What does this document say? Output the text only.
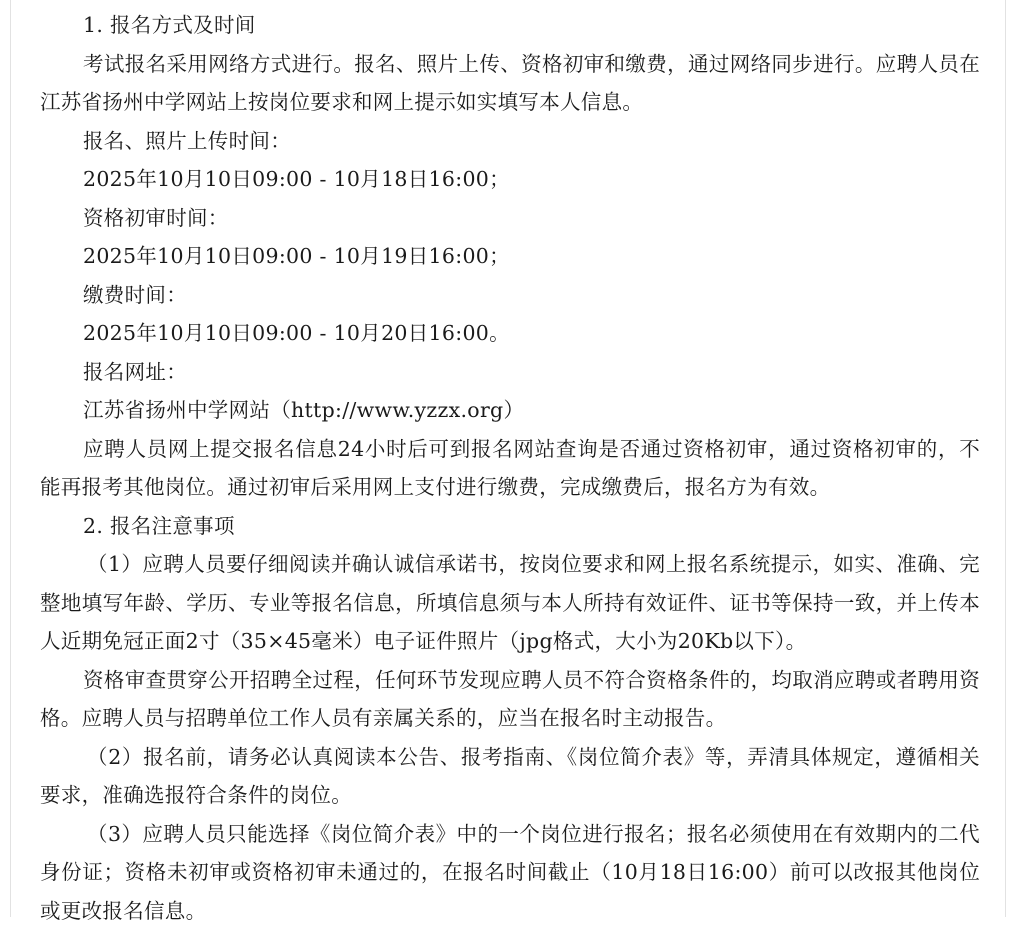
1. 报名方式及时间

考试报名采用网络方式进行。报名、照片上传、资格初审和缴费，通过网络同步进行。应聘人员在江苏省扬州中学网站上按岗位要求和网上提示如实填写本人信息。

报名、照片上传时间：

2025年10月10日09:00 - 10月18日16:00；

资格初审时间：

2025年10月10日09:00 - 10月19日16:00；

缴费时间：

2025年10月10日09:00 - 10月20日16:00。

报名网址：

江苏省扬州中学网站（http://www.yzzx.org）

应聘人员网上提交报名信息24小时后可到报名网站查询是否通过资格初审，通过资格初审的，不能再报考其他岗位。通过初审后采用网上支付进行缴费，完成缴费后，报名方为有效。

2. 报名注意事项

（1）应聘人员要仔细阅读并确认诚信承诺书，按岗位要求和网上报名系统提示，如实、准确、完整地填写年龄、学历、专业等报名信息，所填信息须与本人所持有效证件、证书等保持一致，并上传本人近期免冠正面2寸（35×45毫米）电子证件照片（jpg格式，大小为20Kb以下）。

资格审查贯穿公开招聘全过程，任何环节发现应聘人员不符合资格条件的，均取消应聘或者聘用资格。应聘人员与招聘单位工作人员有亲属关系的，应当在报名时主动报告。

（2）报名前，请务必认真阅读本公告、报考指南、《岗位简介表》等，弄清具体规定，遵循相关要求，准确选报符合条件的岗位。

（3）应聘人员只能选择《岗位简介表》中的一个岗位进行报名；报名必须使用在有效期内的二代身份证；资格未初审或资格初审未通过的，在报名时间截止（10月18日16:00）前可以改报其他岗位或更改报名信息。
